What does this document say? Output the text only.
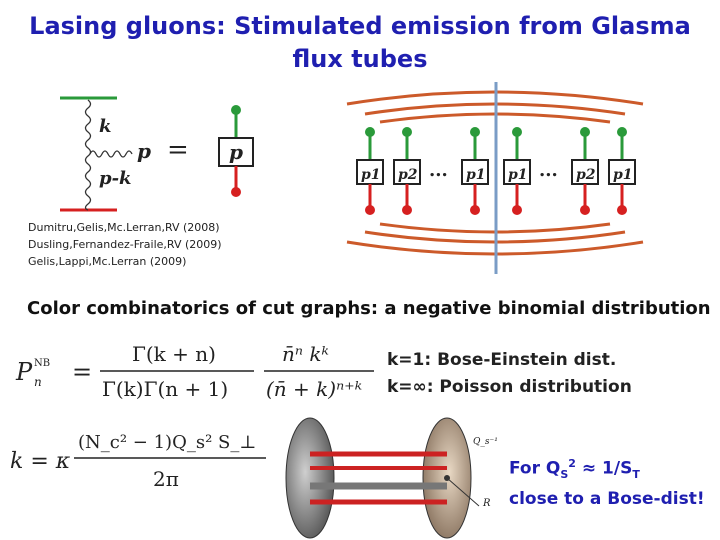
Lasing gluons: Stimulated emission from Glasma
flux tubes
k
p-k
p = p
p1 p2 ... p1 p1 ... p2 p1
Dumitru,Gelis,Mc.Lerran,RV (2008)
Dusling,Fernandez-Fraile,RV (2009)
Gelis,Lappi,Mc.Lerran (2009)
Color combinatorics of cut graphs: a negative binomial distribution
P NB
n =
Γ(k + n)
Γ(k)Γ(n + 1)
n̄ⁿ kᵏ
(n̄ + k)ⁿ⁺ᵏ
k=1: Bose-Einstein dist.
k=∞: Poisson distribution
k = κ
(N_c² − 1)Q_s² S_⊥
2π
Q_s⁻¹
R
For $Q_S^2 \approx 1/S_T$
close to a Bose-dist!
